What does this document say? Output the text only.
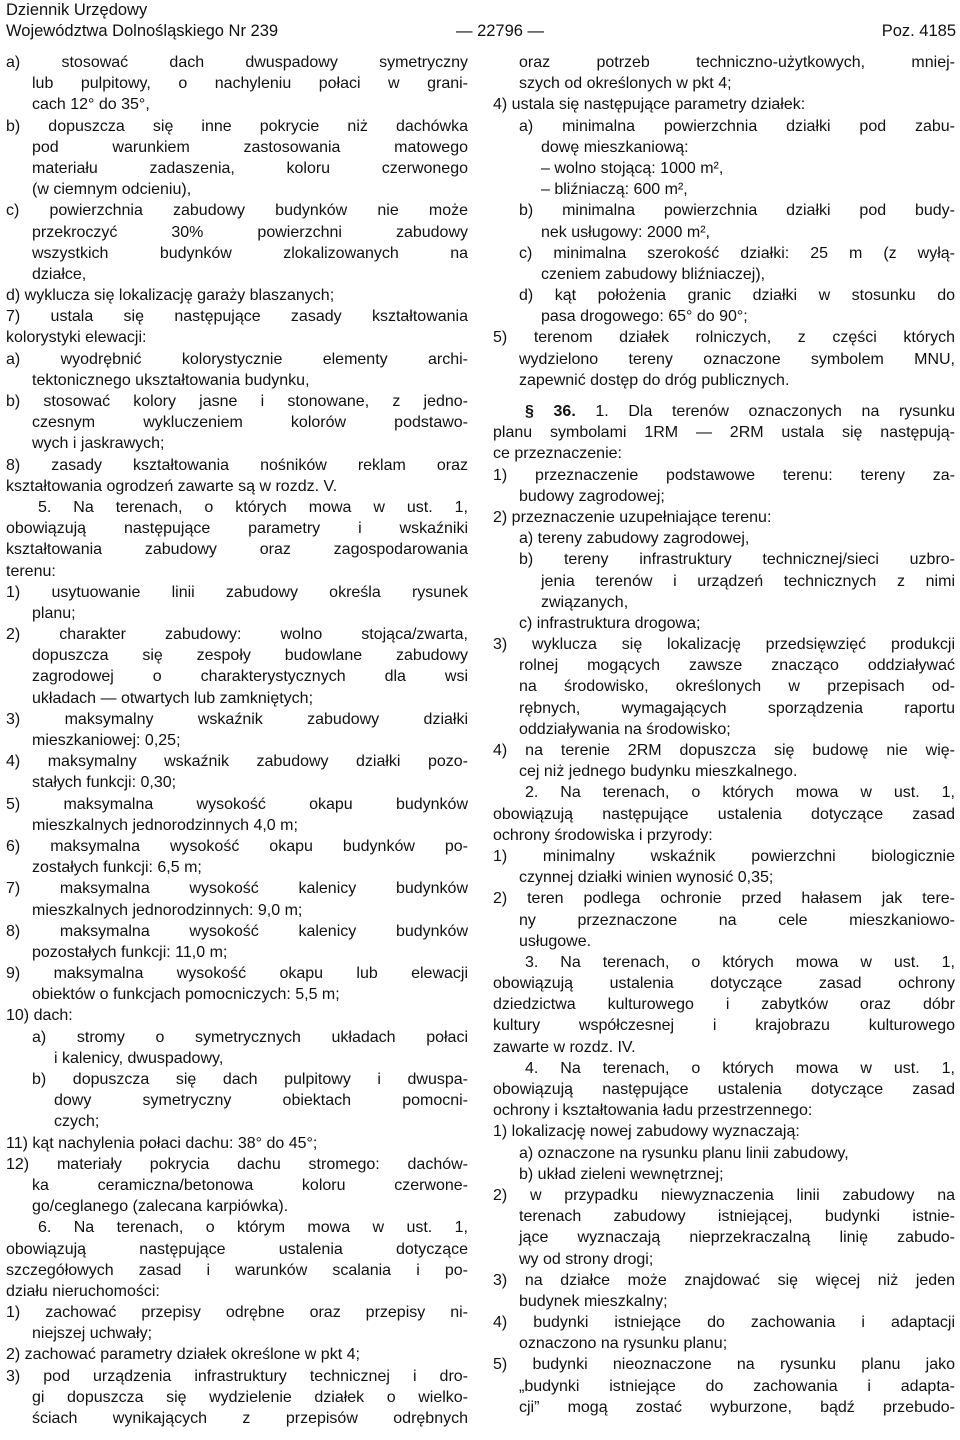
Dziennik Urzędowy
Województwa Dolnośląskiego Nr 239	Poz. 4185
— 22796 —
a) stosować dach dwuspadowy symetryczny
lub pulpitowy, o nachyleniu połaci w grani-
cach 12° do 35°,
b) dopuszcza się inne pokrycie niż dachówka
pod warunkiem zastosowania matowego
materiału zadaszenia, koloru czerwonego
(w ciemnym odcieniu),
c) powierzchnia zabudowy budynków nie może
przekroczyć 30% powierzchni zabudowy
wszystkich budynków zlokalizowanych na
działce,
d) wyklucza się lokalizację garaży blaszanych;
7) ustala się następujące zasady kształtowania
kolorystyki elewacji:
a) wyodrębnić kolorystycznie elementy archi-
tektonicznego ukształtowania budynku,
b) stosować kolory jasne i stonowane, z jedno-
czesnym wykluczeniem kolorów podstawo-
wych i jaskrawych;
8) zasady kształtowania nośników reklam oraz
kształtowania ogrodzeń zawarte są w rozdz. V.
5. Na terenach, o których mowa w ust. 1,
obowiązują następujące parametry i wskaźniki
kształtowania zabudowy oraz zagospodarowania
terenu:
1) usytuowanie linii zabudowy określa rysunek
planu;
2) charakter zabudowy: wolno stojąca/zwarta,
dopuszcza się zespoły budowlane zabudowy
zagrodowej o charakterystycznych dla wsi
układach — otwartych lub zamkniętych;
3) maksymalny wskaźnik zabudowy działki
mieszkaniowej: 0,25;
4) maksymalny wskaźnik zabudowy działki pozo-
stałych funkcji: 0,30;
5) maksymalna wysokość okapu budynków
mieszkalnych jednorodzinnych 4,0 m;
6) maksymalna wysokość okapu budynków po-
zostałych funkcji: 6,5 m;
7) maksymalna wysokość kalenicy budynków
mieszkalnych jednorodzinnych: 9,0 m;
8) maksymalna wysokość kalenicy budynków
pozostałych funkcji: 11,0 m;
9) maksymalna wysokość okapu lub elewacji
obiektów o funkcjach pomocniczych: 5,5 m;
10) dach:
a) stromy o symetrycznych układach połaci
i kalenicy, dwuspadowy,
b) dopuszcza się dach pulpitowy i dwuspa-
dowy symetryczny obiektach pomocni-
czych;
11) kąt nachylenia połaci dachu: 38° do 45°;
12) materiały pokrycia dachu stromego: dachów-
ka ceramiczna/betonowa koloru czerwone-
go/ceglanego (zalecana karpiówka).
6. Na terenach, o którym mowa w ust. 1,
obowiązują następujące ustalenia dotyczące
szczegółowych zasad i warunków scalania i po-
działu nieruchomości:
1) zachować przepisy odrębne oraz przepisy ni-
niejszej uchwały;
2) zachować parametry działek określone w pkt 4;
3) pod urządzenia infrastruktury technicznej i dro-
gi dopuszcza się wydzielenie działek o wielko-
ściach wynikających z przepisów odrębnych
oraz potrzeb techniczno-użytkowych, mniej-
szych od określonych w pkt 4;
4) ustala się następujące parametry działek:
a) minimalna powierzchnia działki pod zabu-
dowę mieszkaniową:
– wolno stojącą: 1000 m²,
– bliźniaczą: 600 m²,
b) minimalna powierzchnia działki pod budy-
nek usługowy: 2000 m²,
c) minimalna szerokość działki: 25 m (z wyłą-
czeniem zabudowy bliźniaczej),
d) kąt położenia granic działki w stosunku do
pasa drogowego: 65° do 90°;
5) terenom działek rolniczych, z części których
wydzielono tereny oznaczone symbolem MNU,
zapewnić dostęp do dróg publicznych.
§ 36. 1. Dla terenów oznaczonych na rysunku
planu symbolami 1RM — 2RM ustala się następują-
ce przeznaczenie:
1) przeznaczenie podstawowe terenu: tereny za-
budowy zagrodowej;
2) przeznaczenie uzupełniające terenu:
a) tereny zabudowy zagrodowej,
b) tereny infrastruktury technicznej/sieci uzbro-
jenia terenów i urządzeń technicznych z nimi
związanych,
c) infrastruktura drogowa;
3) wyklucza się lokalizację przedsięwzięć produkcji
rolnej mogących zawsze znacząco oddziaływać
na środowisko, określonych w przepisach od-
rębnych, wymagających sporządzenia raportu
oddziaływania na środowisko;
4) na terenie 2RM dopuszcza się budowę nie wię-
cej niż jednego budynku mieszkalnego.
2. Na terenach, o których mowa w ust. 1,
obowiązują następujące ustalenia dotyczące zasad
ochrony środowiska i przyrody:
1) minimalny wskaźnik powierzchni biologicznie
czynnej działki winien wynosić 0,35;
2) teren podlega ochronie przed hałasem jak tere-
ny przeznaczone na cele mieszkaniowo-
usługowe.
3. Na terenach, o których mowa w ust. 1,
obowiązują ustalenia dotyczące zasad ochrony
dziedzictwa kulturowego i zabytków oraz dóbr
kultury współczesnej i krajobrazu kulturowego
zawarte w rozdz. IV.
4. Na terenach, o których mowa w ust. 1,
obowiązują następujące ustalenia dotyczące zasad
ochrony i kształtowania ładu przestrzennego:
1) lokalizację nowej zabudowy wyznaczają:
a) oznaczone na rysunku planu linii zabudowy,
b) układ zieleni wewnętrznej;
2) w przypadku niewyznaczenia linii zabudowy na
terenach zabudowy istniejącej, budynki istnie-
jące wyznaczają nieprzekraczalną linię zabudo-
wy od strony drogi;
3) na działce może znajdować się więcej niż jeden
budynek mieszkalny;
4) budynki istniejące do zachowania i adaptacji
oznaczono na rysunku planu;
5) budynki nieoznaczone na rysunku planu jako
„budynki istniejące do zachowania i adapta-
cji” mogą zostać wyburzone, bądź przebudo-
